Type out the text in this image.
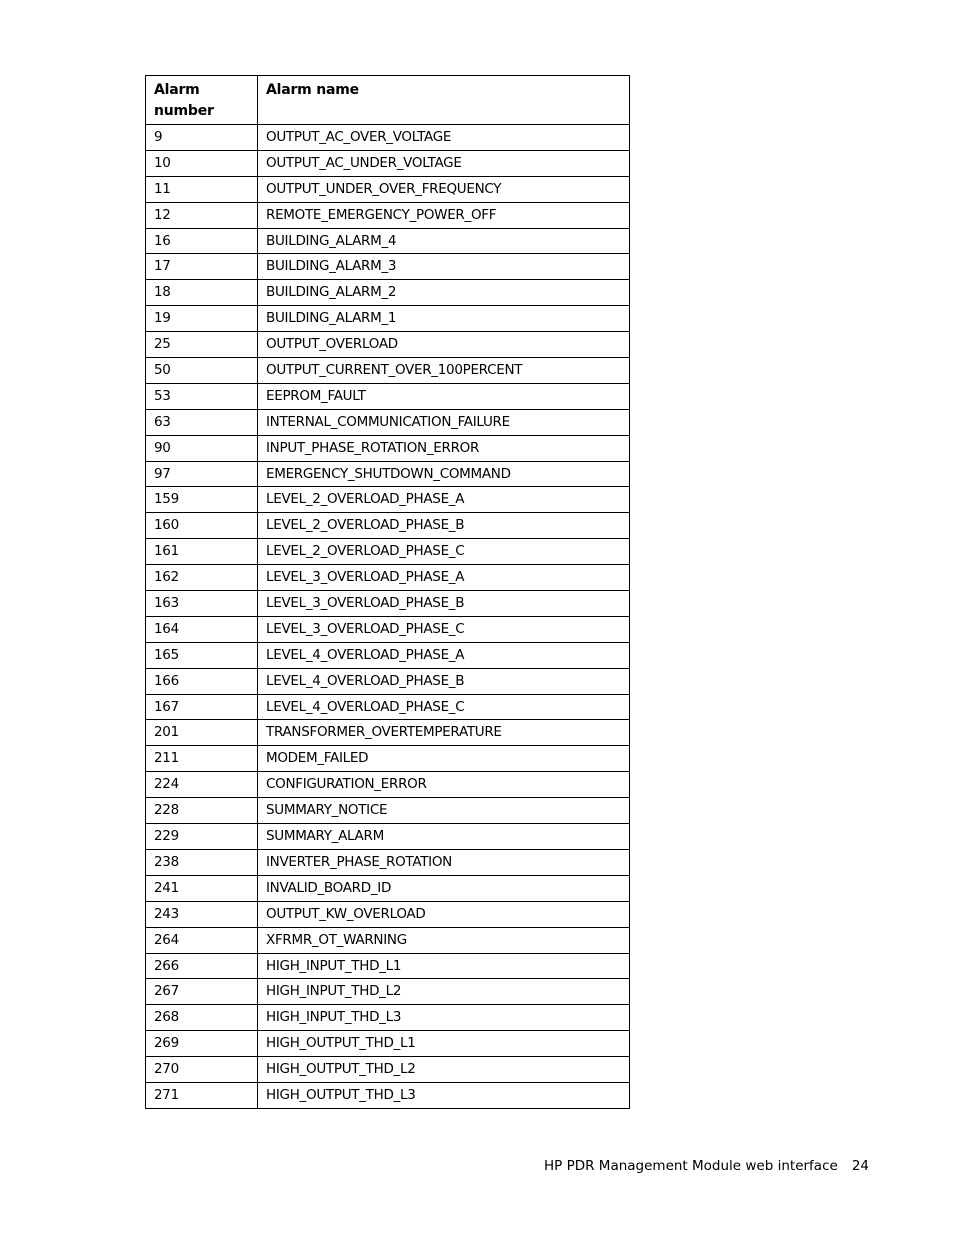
Alarm number	Alarm name
9	OUTPUT_AC_OVER_VOLTAGE
10	OUTPUT_AC_UNDER_VOLTAGE
11	OUTPUT_UNDER_OVER_FREQUENCY
12	REMOTE_EMERGENCY_POWER_OFF
16	BUILDING_ALARM_4
17	BUILDING_ALARM_3
18	BUILDING_ALARM_2
19	BUILDING_ALARM_1
25	OUTPUT_OVERLOAD
50	OUTPUT_CURRENT_OVER_100PERCENT
53	EEPROM_FAULT
63	INTERNAL_COMMUNICATION_FAILURE
90	INPUT_PHASE_ROTATION_ERROR
97	EMERGENCY_SHUTDOWN_COMMAND
159	LEVEL_2_OVERLOAD_PHASE_A
160	LEVEL_2_OVERLOAD_PHASE_B
161	LEVEL_2_OVERLOAD_PHASE_C
162	LEVEL_3_OVERLOAD_PHASE_A
163	LEVEL_3_OVERLOAD_PHASE_B
164	LEVEL_3_OVERLOAD_PHASE_C
165	LEVEL_4_OVERLOAD_PHASE_A
166	LEVEL_4_OVERLOAD_PHASE_B
167	LEVEL_4_OVERLOAD_PHASE_C
201	TRANSFORMER_OVERTEMPERATURE
211	MODEM_FAILED
224	CONFIGURATION_ERROR
228	SUMMARY_NOTICE
229	SUMMARY_ALARM
238	INVERTER_PHASE_ROTATION
241	INVALID_BOARD_ID
243	OUTPUT_KW_OVERLOAD
264	XFRMR_OT_WARNING
266	HIGH_INPUT_THD_L1
267	HIGH_INPUT_THD_L2
268	HIGH_INPUT_THD_L3
269	HIGH_OUTPUT_THD_L1
270	HIGH_OUTPUT_THD_L2
271	HIGH_OUTPUT_THD_L3
HP PDR Management Module web interface 24
